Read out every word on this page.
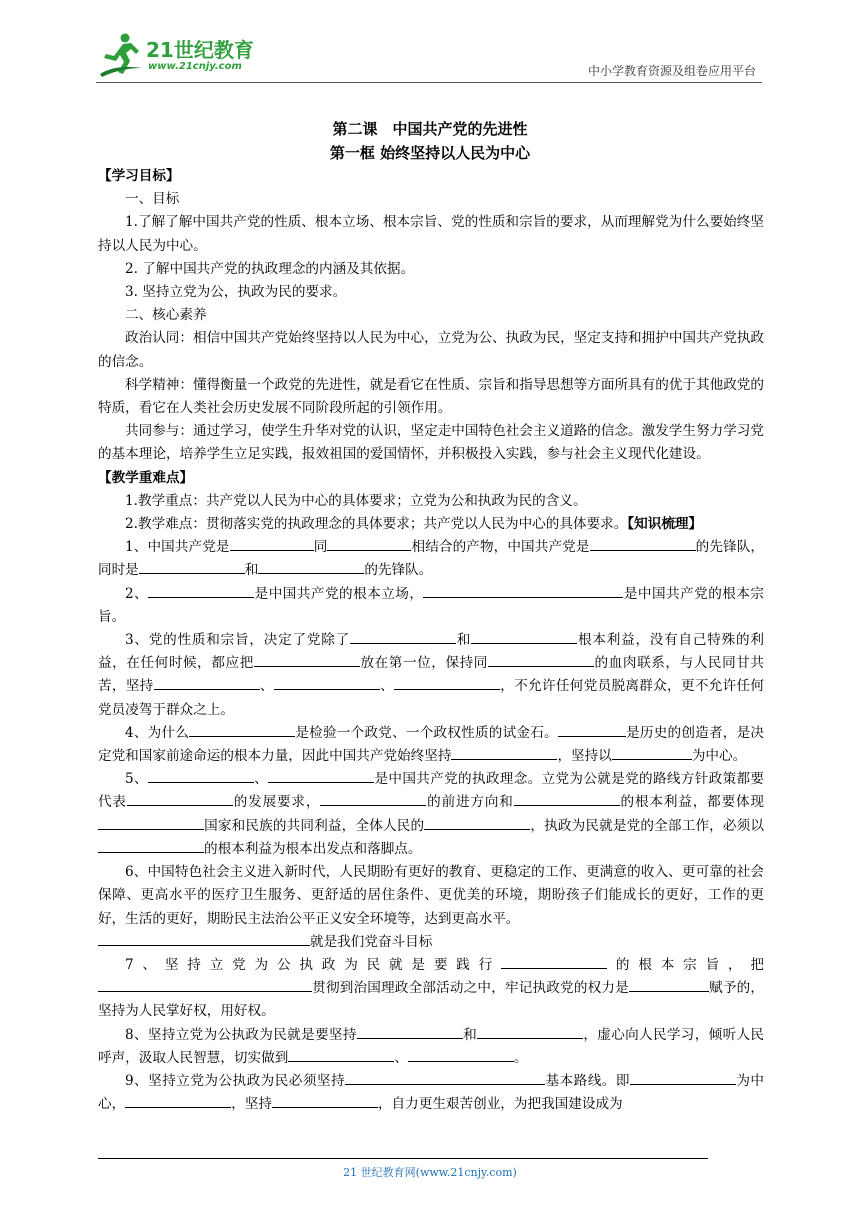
21世纪教育
www.21cnjy.com	中小学教育资源及组卷应用平台
第二课　中国共产党的先进性
第一框 始终坚持以人民为中心

【学习目标】

一、目标

1.了解了解中国共产党的性质、根本立场、根本宗旨、党的性质和宗旨的要求，从而理解党为什么要始终坚持以人民为中心。

2. 了解中国共产党的执政理念的内涵及其依据。

3. 坚持立党为公，执政为民的要求。

二、核心素养

政治认同：相信中国共产党始终坚持以人民为中心，立党为公、执政为民，坚定支持和拥护中国共产党执政的信念。

科学精神：懂得衡量一个政党的先进性，就是看它在性质、宗旨和指导思想等方面所具有的优于其他政党的特质，看它在人类社会历史发展不同阶段所起的引领作用。

共同参与：通过学习，使学生升华对党的认识，坚定走中国特色社会主义道路的信念。激发学生努力学习党的基本理论，培养学生立足实践，报效祖国的爱国情怀，并积极投入实践，参与社会主义现代化建设。

【教学重难点】

1.教学重点：共产党以人民为中心的具体要求；立党为公和执政为民的含义。

2.教学难点：贯彻落实党的执政理念的具体要求；共产党以人民为中心的具体要求。【知识梳理】

1、中国共产党是	同	相结合的产物，中国共产党是	的先锋队，同时是	和	的先锋队。

2、	是中国共产党的根本立场，	是中国共产党的根本宗旨。

3、党的性质和宗旨，决定了党除了	和	根本利益，没有自己特殊的利益，在任何时候，都应把	放在第一位，保持同	的血肉联系，与人民同甘共苦，坚持	、	、	，不允许任何党员脱离群众，更不允许任何党员凌驾于群众之上。

4、为什么	是检验一个政党、一个政权性质的试金石。	是历史的创造者，是决定党和国家前途命运的根本力量，因此中国共产党始终坚持	，坚持以	为中心。

5、	、	是中国共产党的执政理念。立党为公就是党的路线方针政策都要代表	的发展要求，	的前进方向和	的根本利益，都要体现国家和民族的共同利益，全体人民的	，执政为民就是党的全部工作，必须以的根本利益为根本出发点和落脚点。

6、中国特色社会主义进入新时代，人民期盼有更好的教育、更稳定的工作、更满意的收入、更可靠的社会保障、更高水平的医疗卫生服务、更舒适的居住条件、更优美的环境，期盼孩子们能成长的更好，工作的更好，生活的更好，期盼民主法治公平正义安全环境等，达到更高水平。

就是我们党奋斗目标

7、坚持立党为公执政为民就是要践行	的根本宗旨，把贯彻到治国理政全部活动之中，牢记执政党的权力是	赋予的，坚持为人民掌好权，用好权。

8、坚持立党为公执政为民就是要坚持	和	，虚心向人民学习，倾听人民呼声，汲取人民智慧，切实做到	、	。

9、坚持立党为公执政为民必须坚持	基本路线。即	为中心，	，坚持	，自力更生艰苦创业，为把我国建设成为

21 世纪教育网(www.21cnjy.com)
